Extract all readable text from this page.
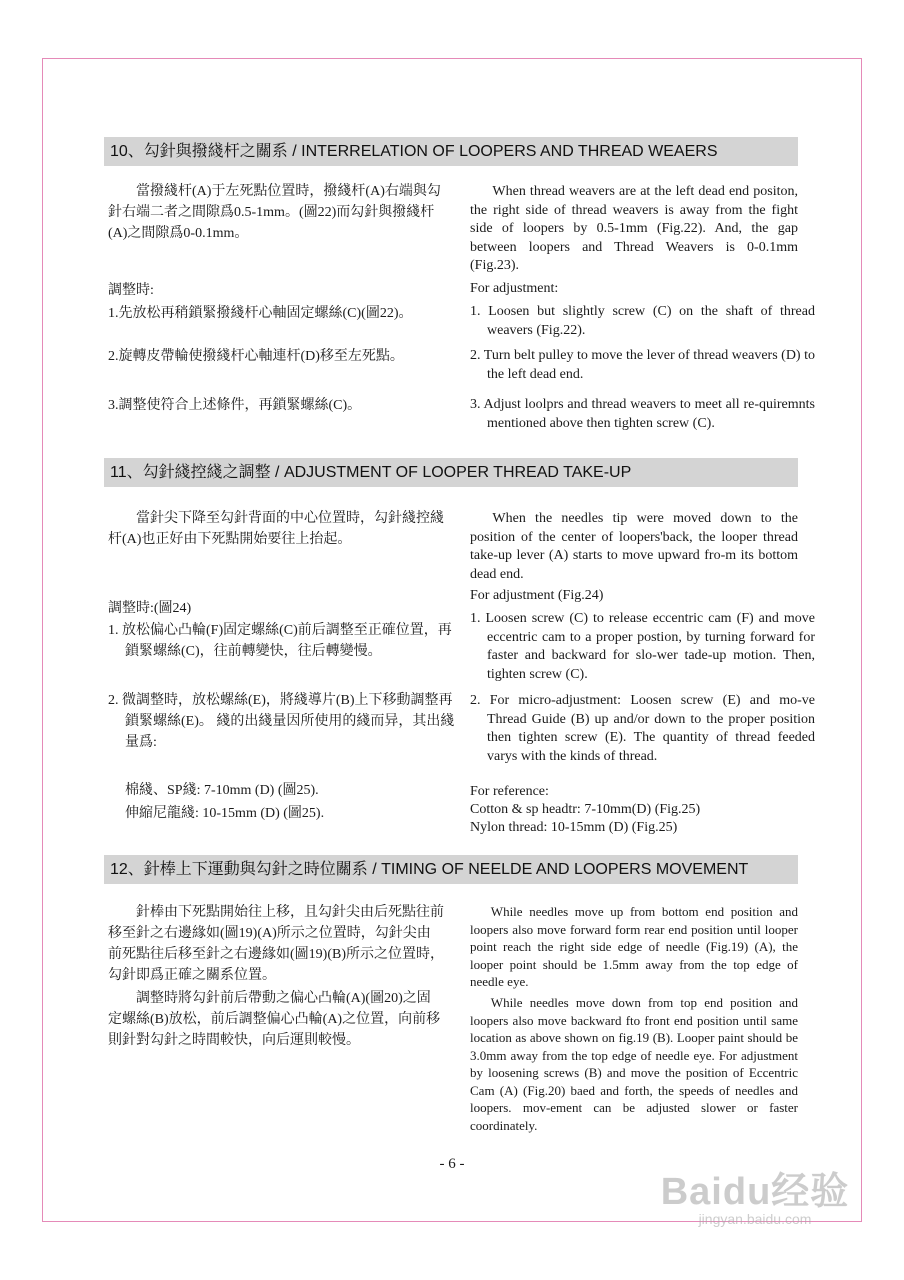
10、勾針與撥綫杆之關系 / INTERRELATION OF LOOPERS AND THREAD WEAERS
當撥綫杆(A)于左死點位置時，撥綫杆(A)右端與勾針右端二者之間隙爲0.5-1mm。(圖22)而勾針與撥綫杆(A)之間隙爲0-0.1mm。
調整時:
1.先放松再稍鎖緊撥綫杆心軸固定螺絲(C)(圖22)。
2.旋轉皮帶輪使撥綫杆心軸連杆(D)移至左死點。
3.調整使符合上述條件，再鎖緊螺絲(C)。
When thread weavers are at the left dead end positon, the right side of thread weavers is away from the fight side of loopers by 0.5-1mm (Fig.22). And, the gap between loopers and Thread Weavers is 0-0.1mm (Fig.23).
For adjustment:
1. Loosen but slightly screw (C) on the shaft of thread weavers (Fig.22).
2. Turn belt pulley to move the lever of thread weavers (D) to the left dead end.
3. Adjust loolprs and thread weavers to meet all re-quiremnts mentioned above then tighten screw (C).
11、勾針綫控綫之調整 / ADJUSTMENT OF LOOPER THREAD TAKE-UP
當針尖下降至勾針背面的中心位置時，勾針綫控綫杆(A)也正好由下死點開始要往上抬起。
調整時:(圖24)
1. 放松偏心凸輪(F)固定螺絲(C)前后調整至正確位置，再鎖緊螺絲(C)，往前轉變快，往后轉變慢。
2. 微調整時，放松螺絲(E)，將綫導片(B)上下移動調整再鎖緊螺絲(E)。 綫的出綫量因所使用的綫而异，其出綫量爲:
棉綫、SP綫: 7-10mm (D) (圖25).
伸縮尼龍綫: 10-15mm (D) (圖25).
When the needles tip were moved down to the position of the center of loopers'back, the looper thread take-up lever (A) starts to move upward fro-m its bottom dead end.
For adjustment (Fig.24)
1. Loosen screw (C) to release eccentric cam (F) and move eccentric cam to a proper postion, by turning forward for faster and backward for slo-wer tade-up motion. Then, tighten screw (C).
2. For micro-adjustment: Loosen screw (E) and mo-ve Thread Guide (B) up and/or down to the proper position then tighten screw (E). The quantity of thread feeded varys with the kinds of thread.
For reference:
Cotton & sp headtr: 7-10mm(D) (Fig.25)
Nylon thread: 10-15mm (D) (Fig.25)
12、針棒上下運動與勾針之時位關系 / TIMING OF NEELDE AND LOOPERS MOVEMENT
針棒由下死點開始往上移，且勾針尖由后死點往前移至針之右邊緣如(圖19)(A)所示之位置時，勾針尖由前死點往后移至針之右邊緣如(圖19)(B)所示之位置時，勾針即爲正確之關系位置。
調整時將勾針前后帶動之偏心凸輪(A)(圖20)之固定螺絲(B)放松，前后調整偏心凸輪(A)之位置，向前移則針對勾針之時間較快，向后運則較慢。
While needles move up from bottom end position and loopers also move forward form rear end position until looper point reach the right side edge of needle (Fig.19) (A), the looper point should be 1.5mm away from the top edge of needle eye.
While needles move down from top end position and loopers also move backward fto front end position until same location as above shown on fig.19 (B). Looper paint should be 3.0mm away from the top edge of needle eye. For adjustment by loosening screws (B) and move the position of Eccentric Cam (A) (Fig.20) baed and forth, the speeds of needles and loopers. mov-ement can be adjusted slower or faster coordinately.
- 6 -
Baidu经验
jingyan.baidu.com
